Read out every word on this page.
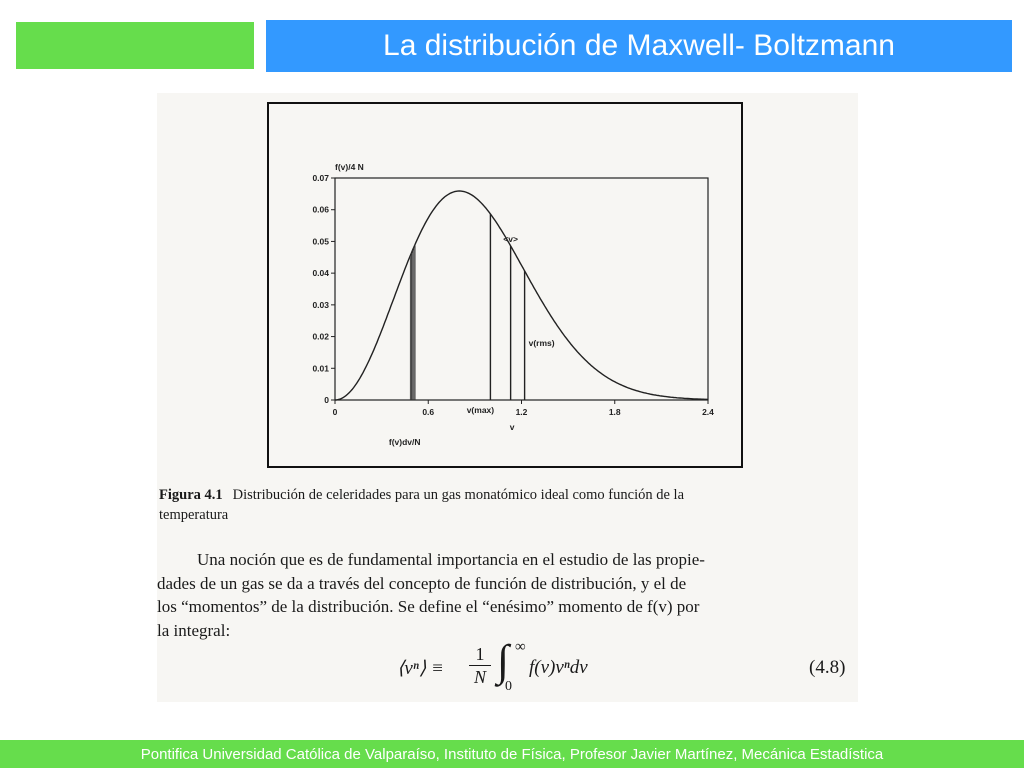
La distribución de Maxwell- Boltzmann
0
0.01
0.02
0.03
0.04
0.05
0.06
0.07
0	0.6	1.2	1.8	2.4
f(v)/4 N
v
f(v)dv/N
v(max)
<v>
v(rms)
Figura 4.1 Distribución de celeridades para un gas monatómico ideal como función de la
temperatura
Una noción que es de fundamental importancia en el estudio de las propie-
dades de un gas se da a través del concepto de función de distribución, y el de
los “momentos” de la distribución. Se define el “enésimo” momento de f(v) por
la integral:
⟨vⁿ⟩ ≡ $\frac{1}{N}$ ∫ ∞
0
f(v)vⁿdv	(4.8)
Pontifica Universidad Católica de Valparaíso, Instituto de Física, Profesor Javier Martínez, Mecánica Estadística
